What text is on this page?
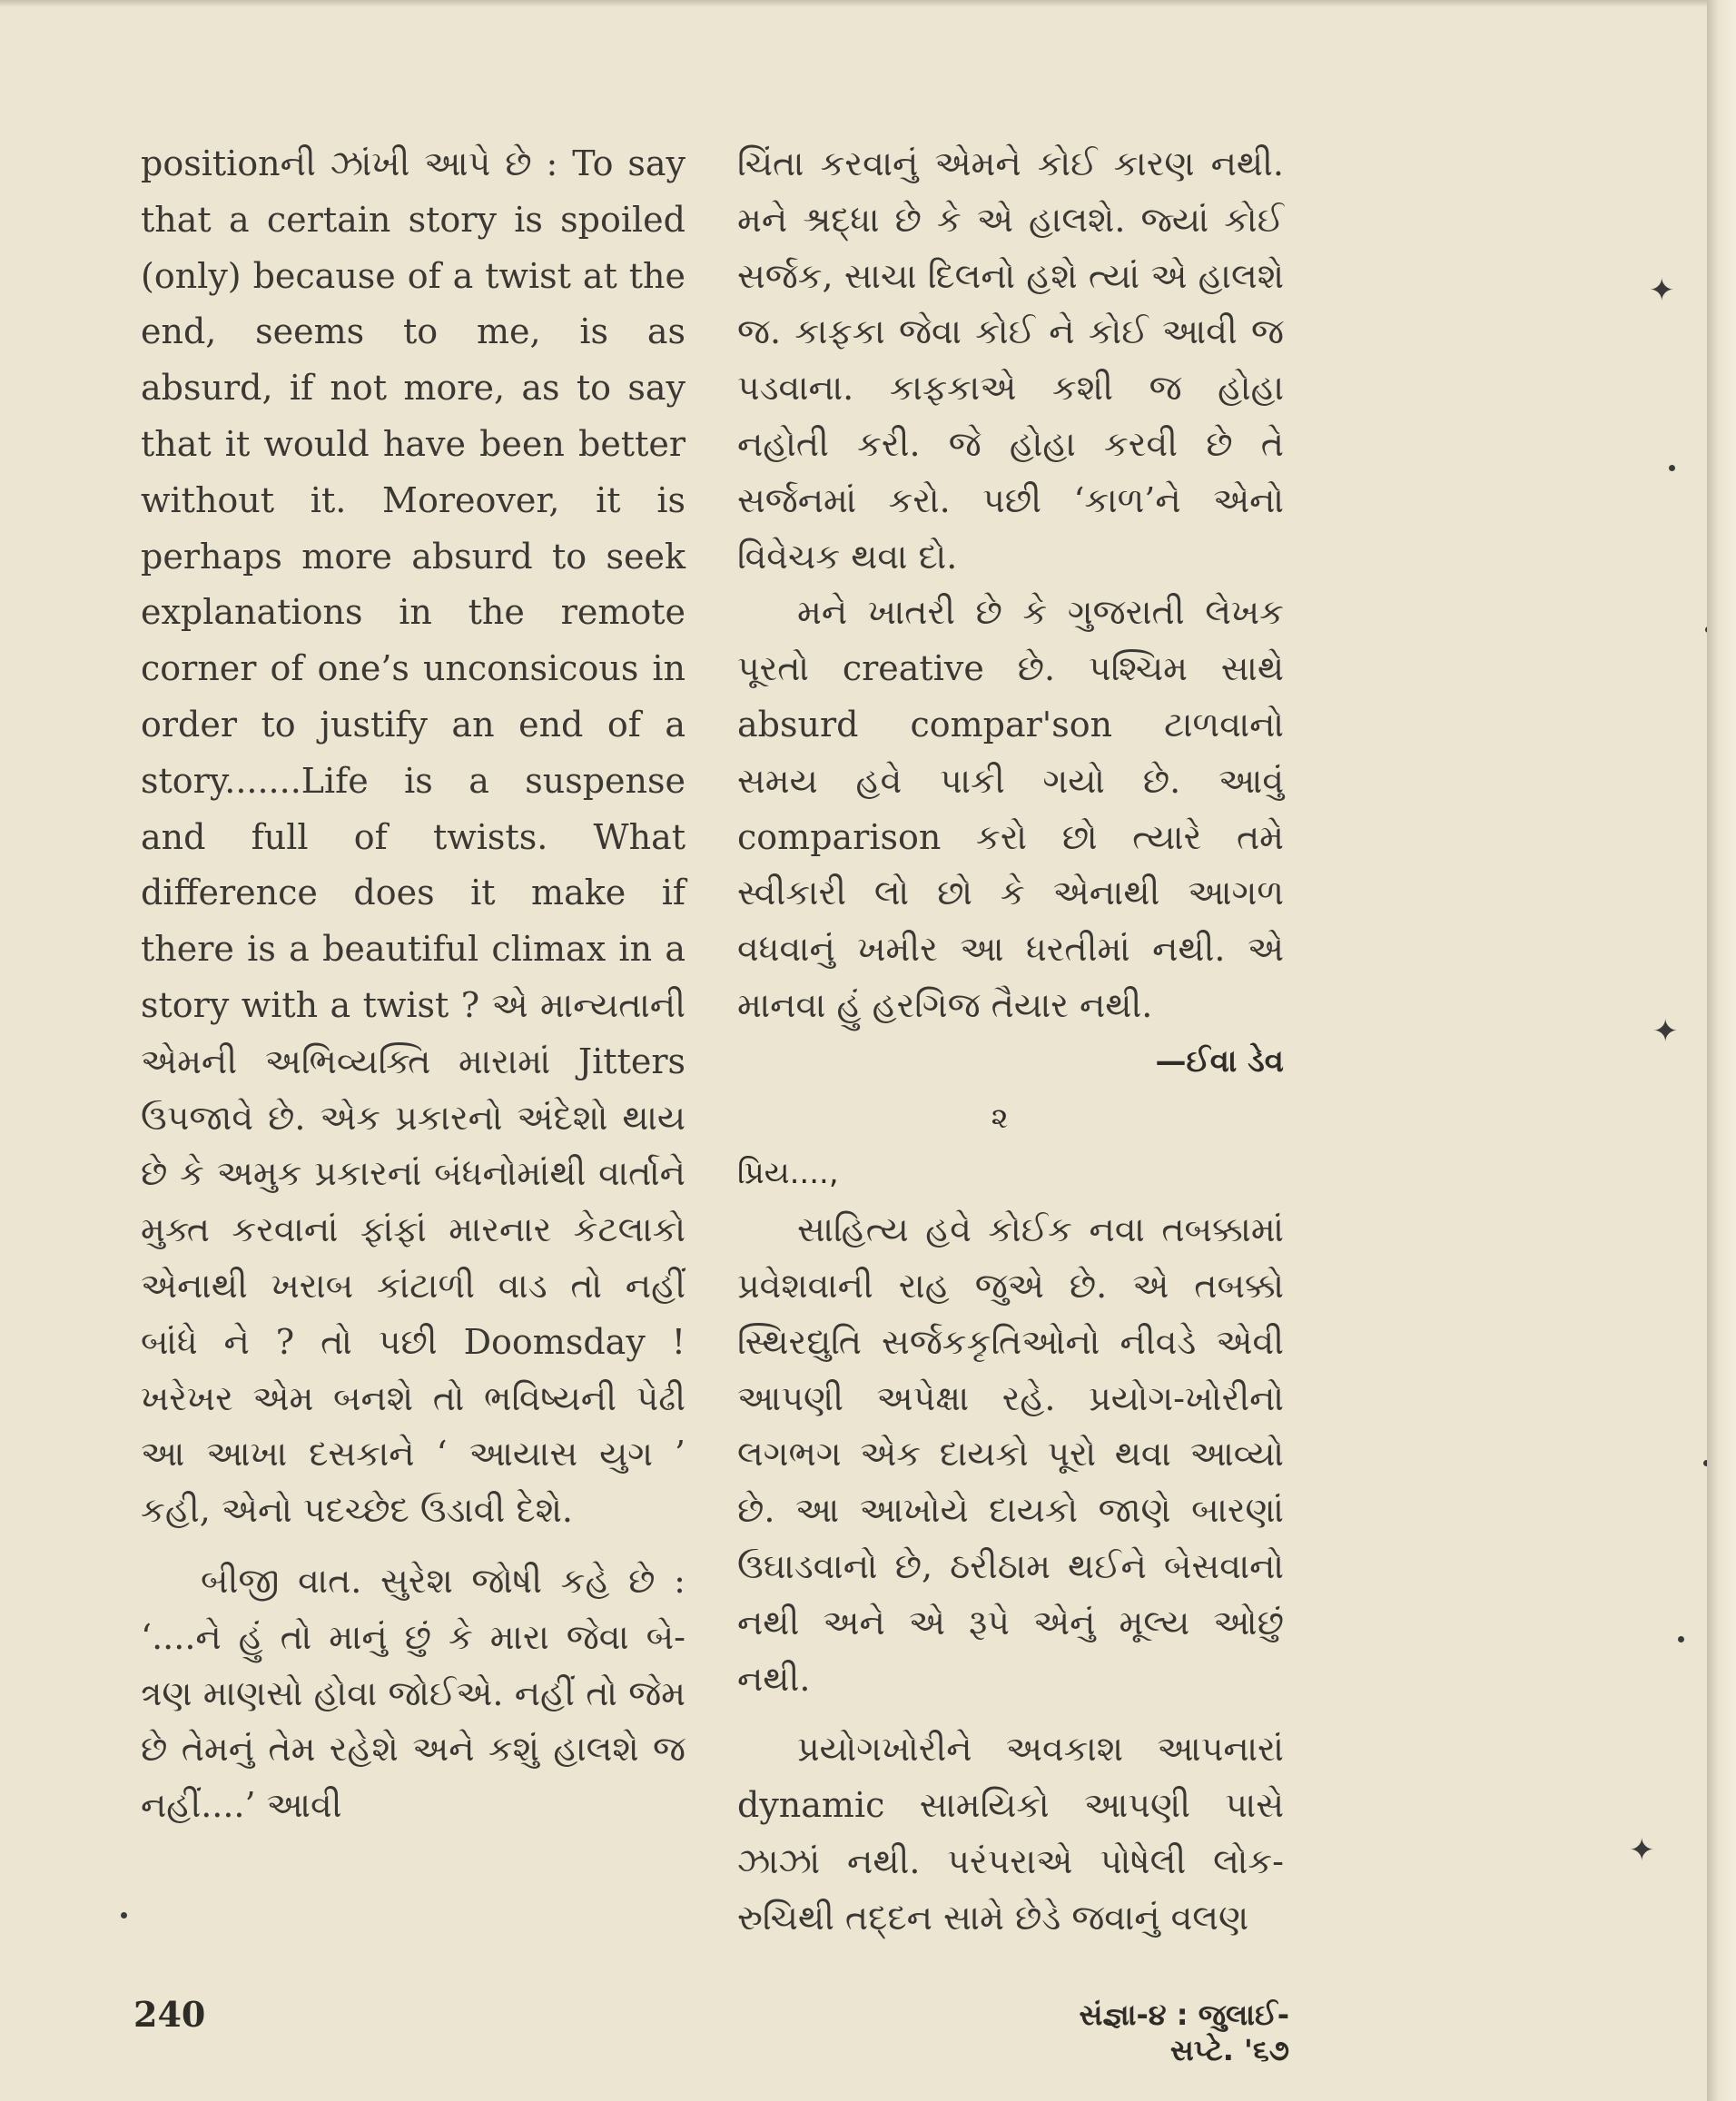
positionની ઝાંખી આપે છે : To say that a certain story is spoiled (only) because of a twist at the end, seems to me, is as absurd, if not more, as to say that it would have been better without it. Moreover, it is perhaps more absurd to seek explanations in the remote corner of one’s unconsicous in order to justify an end of a story.......Life is a suspense and full of twists. What difference does it make if there is a beautiful climax in a story with a twist ? એ માન્યતાની એમની અભિવ્યક્તિ મારામાં Jitters ઉપજાવે છે. એક પ્રકારનો અંદેશો થાય છે કે અમુક પ્રકારનાં બંધનોમાંથી વાર્તાને મુક્ત કરવાનાં ફાંફાં મારનાર કેટલાકો એનાથી ખરાબ કાંટાળી વાડ તો નહીં બાંધે ને ? તો પછી Doomsday ! ખરેખર એમ બનશે તો ભવિષ્યની પેઢી આ આખા દસકાને ‘ આયાસ યુગ ’ કહી, એનો પદચ્છેદ ઉડાવી દેશે.

બીજી વાત. સુરેશ જોષી કહે છે : ‘....ને હું તો માનું છું કે મારા જેવા બે-ત્રણ માણસો હોવા જોઈએ. નહીં તો જેમ છે તેમનું તેમ રહેશે અને કશું હાલશે જ નહીં....’ આવી

ચિંતા કરવાનું એમને કોઈ કારણ નથી. મને શ્રદ્ધા છે કે એ હાલશે. જ્યાં કોઈ સર્જક, સાચા દિલનો હશે ત્યાં એ હાલશે જ. કાફકા જેવા કોઈ ને કોઈ આવી જ પડવાના. કાફકાએ કશી જ હોહા નહોતી કરી. જે હોહા કરવી છે તે સર્જનમાં કરો. પછી ‘કાળ’ને એનો વિવેચક થવા દો.

મને ખાતરી છે કે ગુજરાતી લેખક પૂરતો creative છે. પશ્ચિમ સાથે absurd compar'son ટાળવાનો સમય હવે પાકી ગયો છે. આવું comparison કરો છો ત્યારે તમે સ્વીકારી લો છો કે એનાથી આગળ વધવાનું ખમીર આ ધરતીમાં નથી. એ માનવા હું હરગિજ તૈયાર નથી.

—ઈવા ડેવ

૨

પ્રિય....,

સાહિત્ય હવે કોઈક નવા તબક્કામાં પ્રવેશવાની રાહ જુએ છે. એ તબક્કો સ્થિરદ્યુતિ સર્જકકૃતિઓનો નીવડે એવી આપણી અપેક્ષા રહે. પ્રયોગ-ખોરીનો લગભગ એક દાયકો પૂરો થવા આવ્યો છે. આ આખોયે દાયકો જાણે બારણાં ઉઘાડવાનો છે, ઠરીઠામ થઈને બેસવાનો નથી અને એ રૂપે એનું મૂલ્ય ઓછું નથી.

પ્રયોગખોરીને અવકાશ આપનારાં dynamic સામયિકો આપણી પાસે ઝાઝાં નથી. પરંપરાએ પોષેલી લોક-રુચિથી તદ્દન સામે છેડે જવાનું વલણ

240	સંજ્ઞા-૪ : જુલાઈ-સપ્ટે. '૬૭
✦
✦
✦
